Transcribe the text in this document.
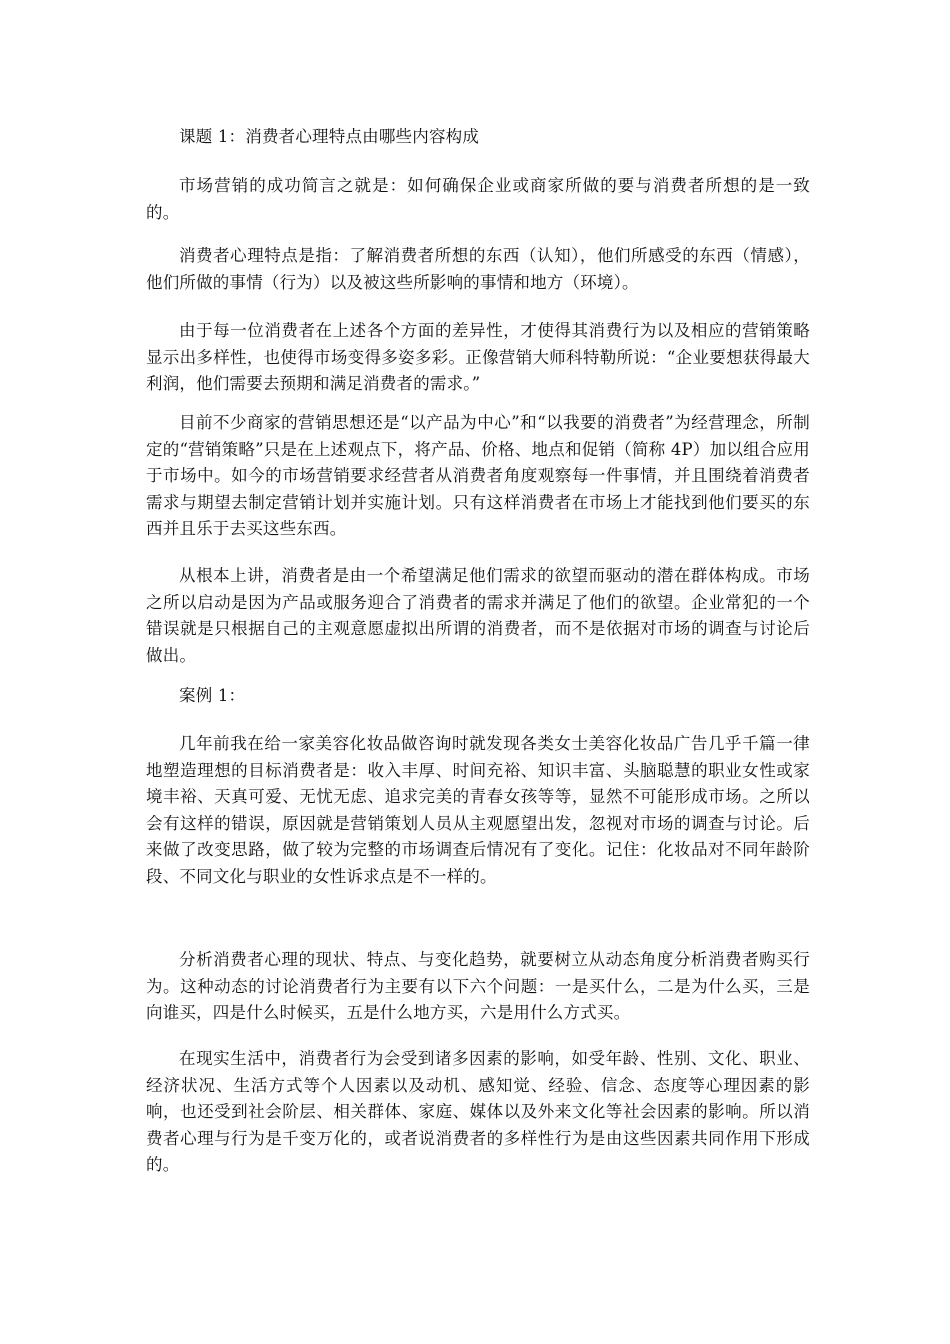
课题 1：消费者心理特点由哪些内容构成

市场营销的成功简言之就是：如何确保企业或商家所做的要与消费者所想的是一致的。

消费者心理特点是指：了解消费者所想的东西（认知），他们所感受的东西（情感），他们所做的事情（行为）以及被这些所影响的事情和地方（环境）。

由于每一位消费者在上述各个方面的差异性，才使得其消费行为以及相应的营销策略显示出多样性，也使得市场变得多姿多彩。正像营销大师科特勒所说：“企业要想获得最大利润，他们需要去预期和满足消费者的需求。”

目前不少商家的营销思想还是“以产品为中心”和“以我要的消费者”为经营理念，所制定的“营销策略”只是在上述观点下，将产品、价格、地点和促销（简称 4P）加以组合应用于市场中。如今的市场营销要求经营者从消费者角度观察每一件事情，并且围绕着消费者需求与期望去制定营销计划并实施计划。只有这样消费者在市场上才能找到他们要买的东西并且乐于去买这些东西。

从根本上讲，消费者是由一个希望满足他们需求的欲望而驱动的潜在群体构成。市场之所以启动是因为产品或服务迎合了消费者的需求并满足了他们的欲望。企业常犯的一个错误就是只根据自己的主观意愿虚拟出所谓的消费者，而不是依据对市场的调查与讨论后做出。

案例 1：

几年前我在给一家美容化妆品做咨询时就发现各类女士美容化妆品广告几乎千篇一律地塑造理想的目标消费者是：收入丰厚、时间充裕、知识丰富、头脑聪慧的职业女性或家境丰裕、天真可爱、无忧无虑、追求完美的青春女孩等等，显然不可能形成市场。之所以会有这样的错误，原因就是营销策划人员从主观愿望出发，忽视对市场的调查与讨论。后来做了改变思路，做了较为完整的市场调查后情况有了变化。记住：化妆品对不同年龄阶段、不同文化与职业的女性诉求点是不一样的。

分析消费者心理的现状、特点、与变化趋势，就要树立从动态角度分析消费者购买行为。这种动态的讨论消费者行为主要有以下六个问题：一是买什么，二是为什么买，三是向谁买，四是什么时候买，五是什么地方买，六是用什么方式买。

在现实生活中，消费者行为会受到诸多因素的影响，如受年龄、性别、文化、职业、经济状况、生活方式等个人因素以及动机、感知觉、经验、信念、态度等心理因素的影响，也还受到社会阶层、相关群体、家庭、媒体以及外来文化等社会因素的影响。所以消费者心理与行为是千变万化的，或者说消费者的多样性行为是由这些因素共同作用下形成的。
